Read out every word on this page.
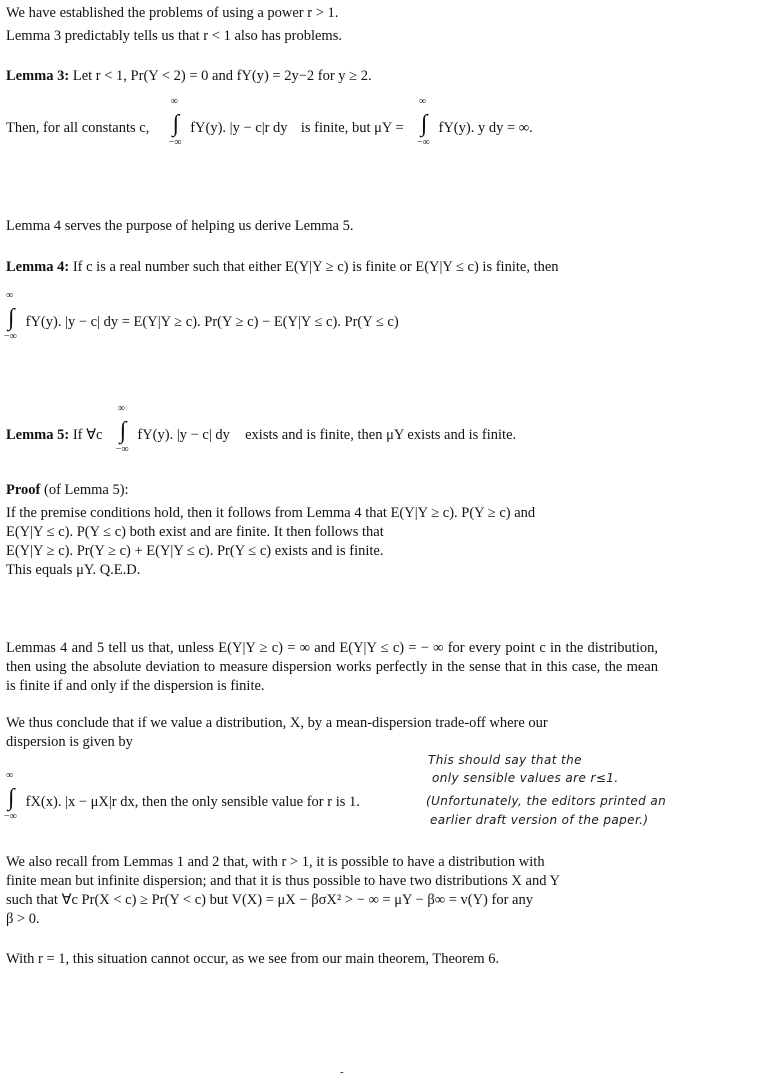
We have established the problems of using a power r > 1.
Lemma 3 predictably tells us that r < 1 also has problems.
Lemma 3: Let r < 1, Pr(Y < 2) = 0 and fY(y) = 2y−2 for y ≥ 2.
Then, for all constants c,
∞
∫
−∞
fY(y). |y − c|r dy is finite, but μY =
∞
∫
−∞
fY(y). y dy = ∞.
Lemma 4 serves the purpose of helping us derive Lemma 5.
Lemma 4: If c is a real number such that either E(Y|Y ≥ c) is finite or E(Y|Y ≤ c) is finite, then
∞
∫
−∞
fY(y). |y − c| dy = E(Y|Y ≥ c). Pr(Y ≥ c) − E(Y|Y ≤ c). Pr(Y ≤ c)
Lemma 5: If ∀c
∞
∫
−∞
fY(y). |y − c| dy exists and is finite, then μY exists and is finite.
Proof (of Lemma 5):
If the premise conditions hold, then it follows from Lemma 4 that E(Y|Y ≥ c). P(Y ≥ c) and
E(Y|Y ≤ c). P(Y ≤ c) both exist and are finite. It then follows that
E(Y|Y ≥ c). Pr(Y ≥ c) + E(Y|Y ≤ c). Pr(Y ≤ c) exists and is finite.
This equals μY. Q.E.D.
Lemmas 4 and 5 tell us that, unless E(Y|Y ≥ c) = ∞ and E(Y|Y ≤ c) = − ∞ for every point c in the distribution, then using the absolute deviation to measure dispersion works perfectly in the sense that in this case, the mean is finite if and only if the dispersion is finite.
We thus conclude that if we value a distribution, X, by a mean-dispersion trade-off where our
dispersion is given by
∞
∫
−∞
fX(x). |x − μX|r dx, then the only sensible value for r is 1.
This should say that the
only sensible values are r≤1.
(Unfortunately, the editors printed an
earlier draft version of the paper.)
We also recall from Lemmas 1 and 2 that, with r > 1, it is possible to have a distribution with
finite mean but infinite dispersion; and that it is thus possible to have two distributions X and Y
such that ∀c Pr(X < c) ≥ Pr(Y < c) but V(X) = μX − βσX² > − ∞ = μY − β∞ = v(Y) for any
β > 0.
With r = 1, this situation cannot occur, as we see from our main theorem, Theorem 6.
-
